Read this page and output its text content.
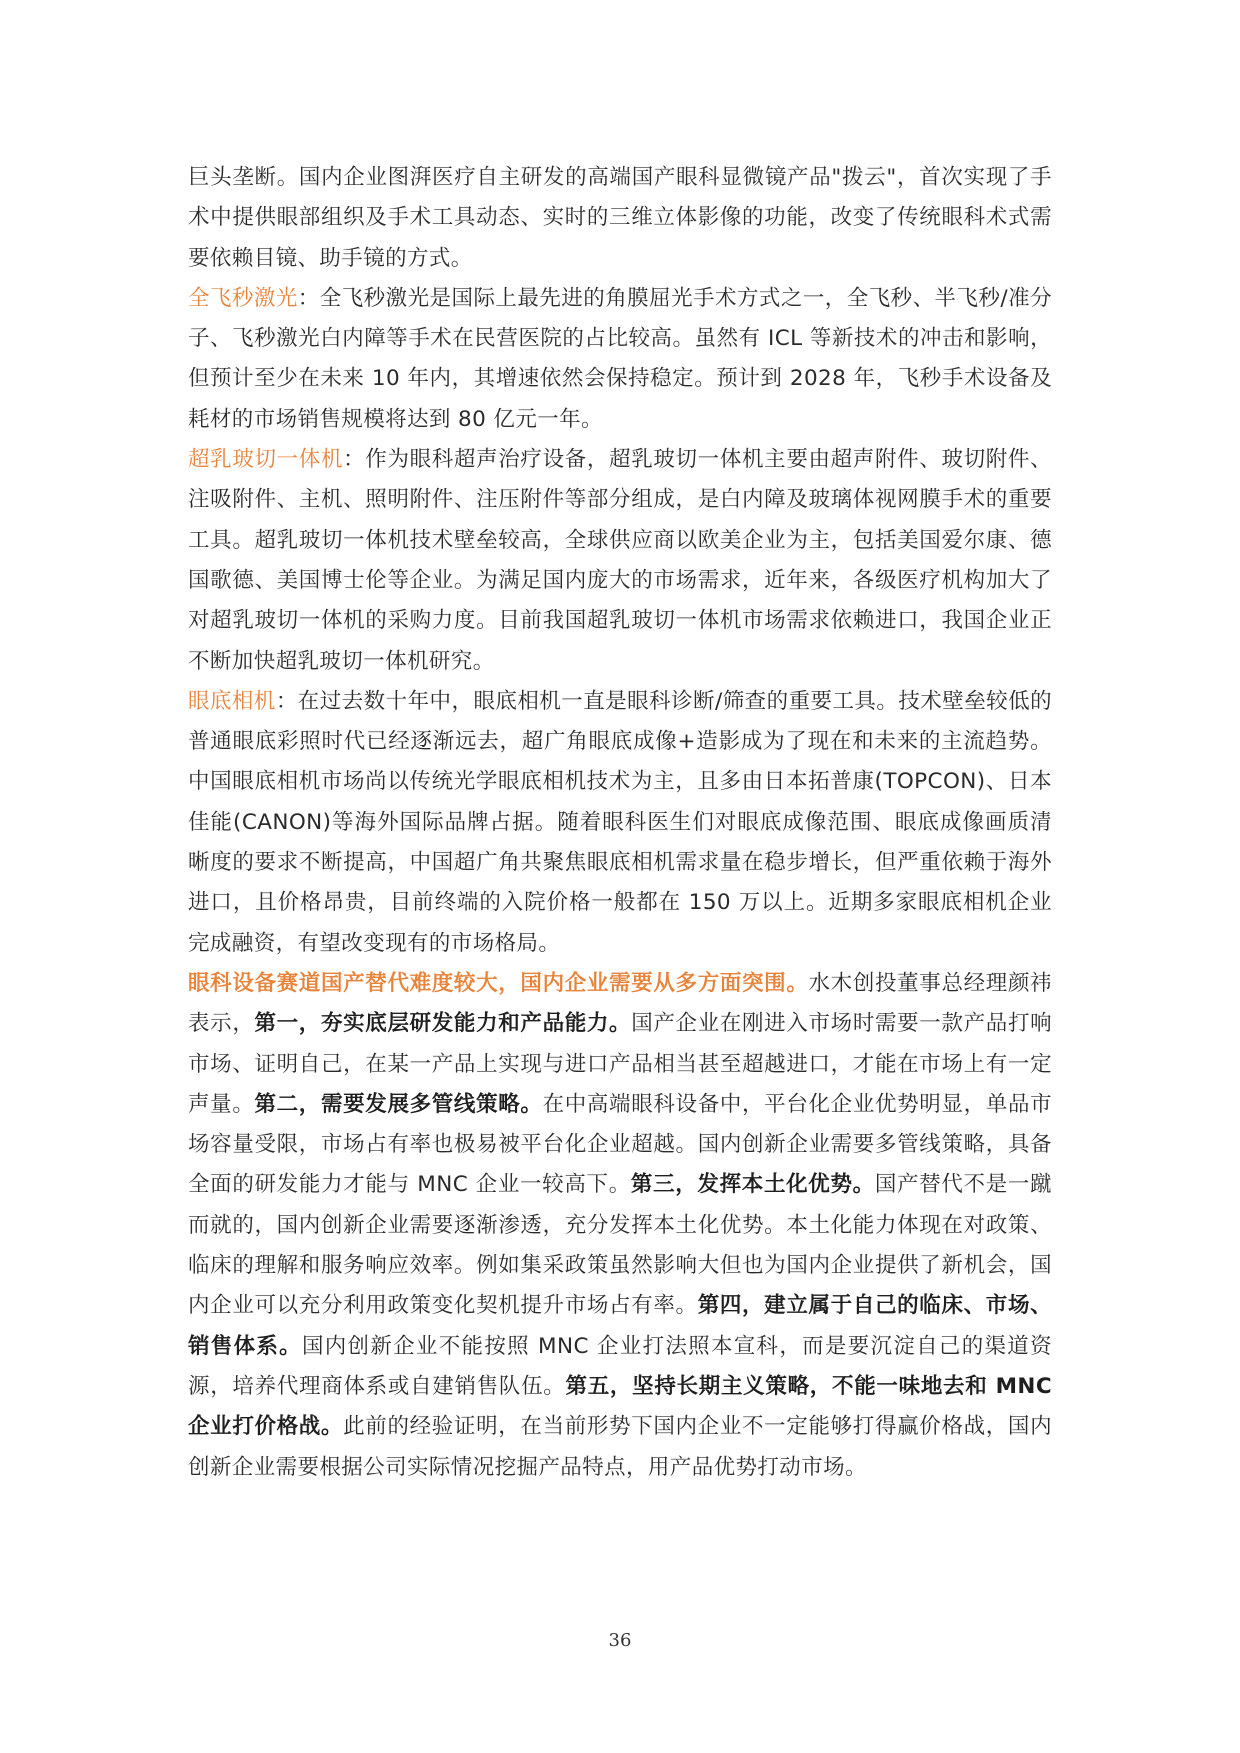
巨头垄断。国内企业图湃医疗自主研发的高端国产眼科显微镜产品"拨云"，首次实现了手术中提供眼部组织及手术工具动态、实时的三维立体影像的功能，改变了传统眼科术式需要依赖目镜、助手镜的方式。

全飞秒激光：全飞秒激光是国际上最先进的角膜屈光手术方式之一，全飞秒、半飞秒/准分子、飞秒激光白内障等手术在民营医院的占比较高。虽然有 ICL 等新技术的冲击和影响，但预计至少在未来 10 年内，其增速依然会保持稳定。预计到 2028 年，飞秒手术设备及耗材的市场销售规模将达到 80 亿元一年。

超乳玻切一体机：作为眼科超声治疗设备，超乳玻切一体机主要由超声附件、玻切附件、注吸附件、主机、照明附件、注压附件等部分组成，是白内障及玻璃体视网膜手术的重要工具。超乳玻切一体机技术壁垒较高，全球供应商以欧美企业为主，包括美国爱尔康、德国歌德、美国博士伦等企业。为满足国内庞大的市场需求，近年来，各级医疗机构加大了对超乳玻切一体机的采购力度。目前我国超乳玻切一体机市场需求依赖进口，我国企业正不断加快超乳玻切一体机研究。

眼底相机：在过去数十年中，眼底相机一直是眼科诊断/筛查的重要工具。技术壁垒较低的普通眼底彩照时代已经逐渐远去，超广角眼底成像+造影成为了现在和未来的主流趋势。中国眼底相机市场尚以传统光学眼底相机技术为主，且多由日本拓普康(TOPCON)、日本佳能(CANON)等海外国际品牌占据。随着眼科医生们对眼底成像范围、眼底成像画质清晰度的要求不断提高，中国超广角共聚焦眼底相机需求量在稳步增长，但严重依赖于海外进口，且价格昂贵，目前终端的入院价格一般都在 150 万以上。近期多家眼底相机企业完成融资，有望改变现有的市场格局。

眼科设备赛道国产替代难度较大，国内企业需要从多方面突围。水木创投董事总经理颜祎表示，第一，夯实底层研发能力和产品能力。国产企业在刚进入市场时需要一款产品打响市场、证明自己，在某一产品上实现与进口产品相当甚至超越进口，才能在市场上有一定声量。第二，需要发展多管线策略。在中高端眼科设备中，平台化企业优势明显，单品市场容量受限，市场占有率也极易被平台化企业超越。国内创新企业需要多管线策略，具备全面的研发能力才能与 MNC 企业一较高下。第三，发挥本土化优势。国产替代不是一蹴而就的，国内创新企业需要逐渐渗透，充分发挥本土化优势。本土化能力体现在对政策、临床的理解和服务响应效率。例如集采政策虽然影响大但也为国内企业提供了新机会，国内企业可以充分利用政策变化契机提升市场占有率。第四，建立属于自己的临床、市场、销售体系。国内创新企业不能按照 MNC 企业打法照本宣科，而是要沉淀自己的渠道资源，培养代理商体系或自建销售队伍。第五，坚持长期主义策略，不能一味地去和 MNC 企业打价格战。此前的经验证明，在当前形势下国内企业不一定能够打得赢价格战，国内创新企业需要根据公司实际情况挖掘产品特点，用产品优势打动市场。

36
